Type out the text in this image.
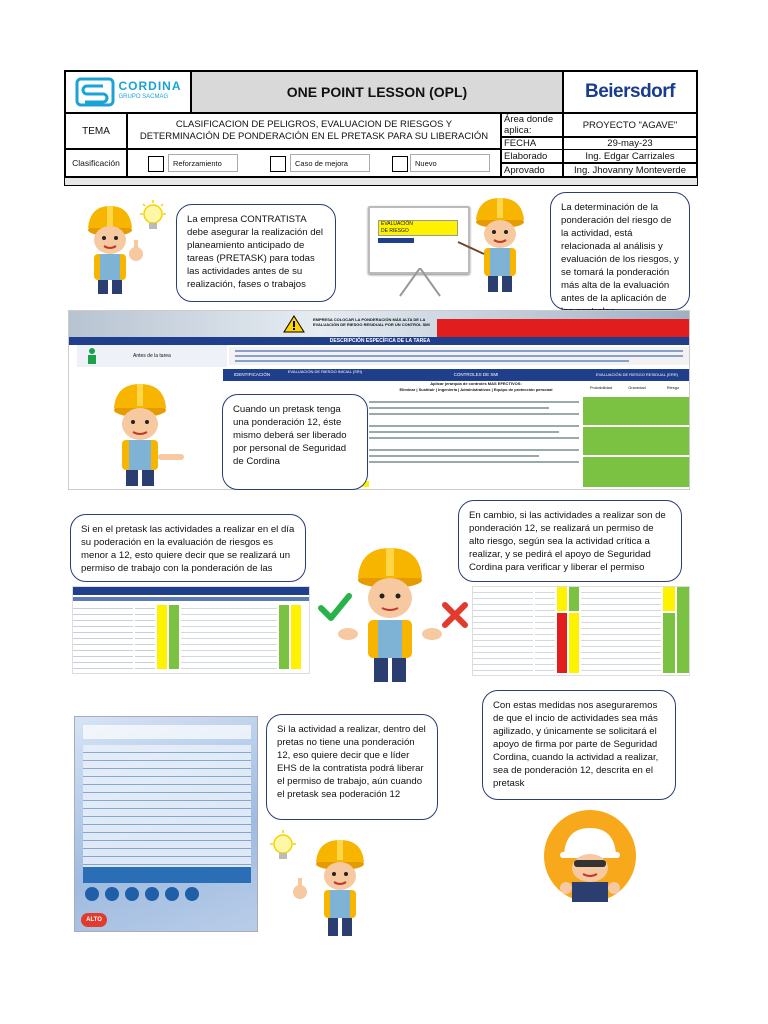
CORDINA
GRUPO SACMAG	ONE POINT LESSON (OPL)	Beiersdorf
TEMA
CLASIFICACION DE PELIGROS, EVALUACION DE RIESGOS Y DETERMINACIÓN DE PONDERACIÓN EN EL PRETASK PARA SU LIBERACIÓN
Área donde aplica:	PROYECTO "AGAVE"
FECHA	29-may-23
Clasificación	Reforzamiento	Caso de mejora	Nuevo
Elaborado	Ing. Edgar Carrizales
Aprovado	Ing. Jhovanny Monteverde
La empresa CONTRATISTA debe asegurar la realización del planeamiento anticipado de tareas (PRETASK) para todas las actividades antes de su realización, fases o trabajos
EVALUACIÓN
DE RIESGO
La determinación de la ponderación del riesgo de la actividad, está relacionada al análisis y evaluación de los riesgos, y se tomará la ponderación más alta de la evaluación antes de la aplicación de
EMPRESA COLOCAR LA PONDERACIÓN MÁS ALTA DE LA EVALUACIÓN DE RIESGO RESIDUAL POR UN CONTROL SMI
DESCRIPCIÓN ESPECÍFICA DE LA TAREA
Antes de la tarea
IDENTIFICACIÓN
EVALUACIÓN DE RIESGO INICIAL (SRI)
CONTROLES DE SMI	EVALUACIÓN DE RIESGO RESIDUAL (ERR)
Aplicar jerarquía de controles MAS EFECTIVOS:
Eliminar | Sustituir | Ingeniería | Administrativos | Equipo de protección personal	Probabilidad	Gravedad	Riesgo
Cuando un pretask tenga una ponderación 12, éste mismo deberá ser liberado por personal de Seguridad de Cordina
Si en el pretask las actividades a realizar en el día su poderación en la evaluación de riesgos es menor a 12, esto quiere decir que se realizará un permiso de trabajo con la ponderación de las
En cambio, si las actividades a realizar son de ponderación 12, se realizará un permiso de alto riesgo, según sea la actividad crítica a realizar, y se pedirá el apoyo de Seguridad Cordina para verificar y liberar el permiso
ALTO
Si la actividad a realizar, dentro del pretas no tiene una ponderación 12, eso quiere decir que e líder EHS de la contratista podrá liberar el permiso de trabajo, aún cuando el pretask sea poderación 12
Con estas medidas nos aseguraremos de que el incio de actividades sea más agilizado, y únicamente se solicitará el apoyo de firma por parte de Seguridad Cordina, cuando la actividad a realizar, sea de ponderación 12, descrita en el pretask
